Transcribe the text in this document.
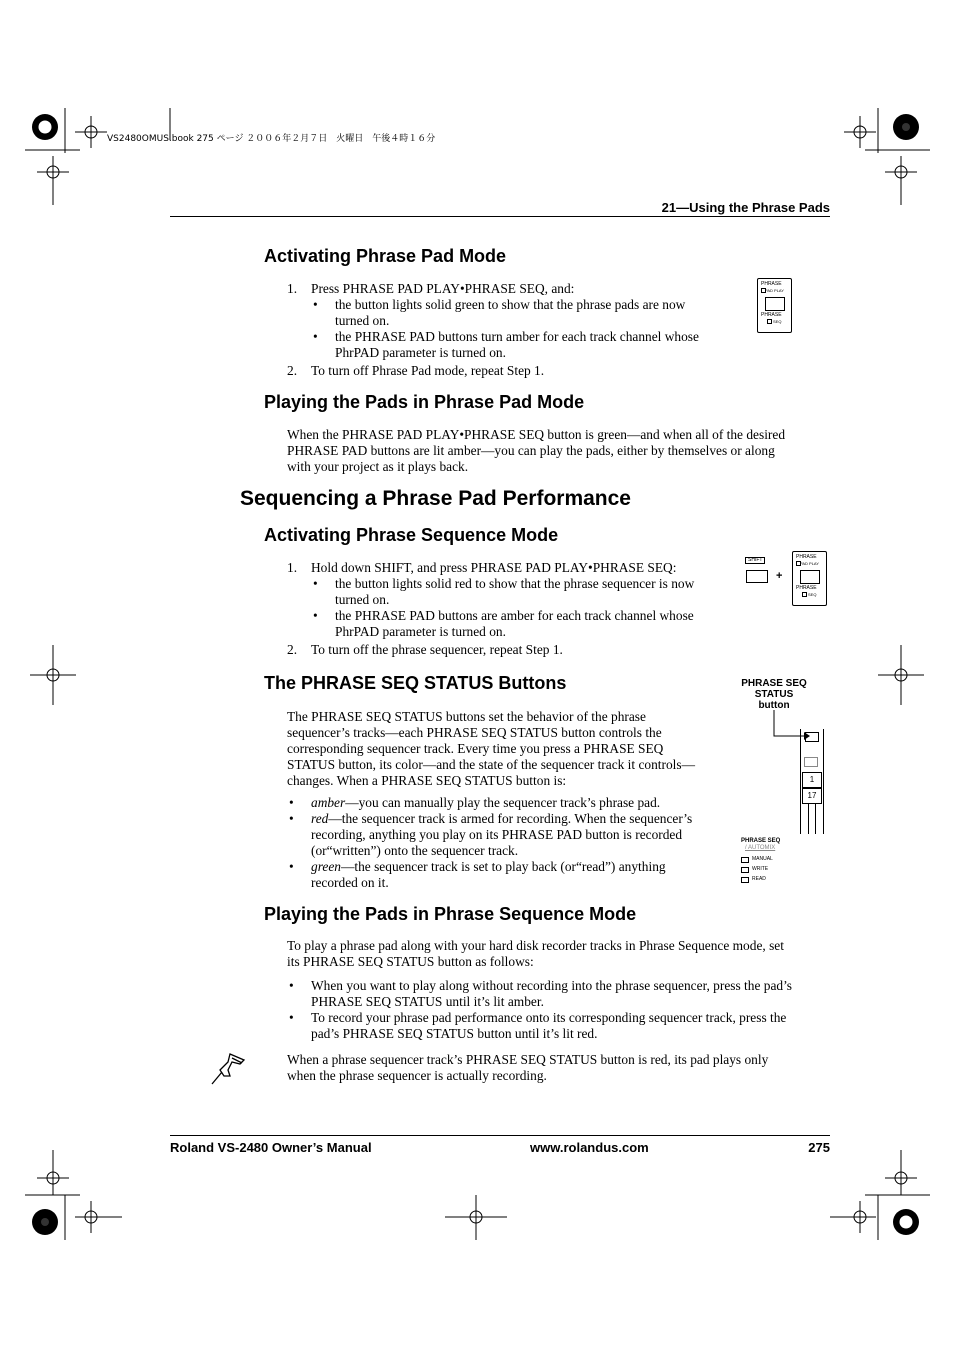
VS2480OMUS.book 275 ページ ２００６年２月７日　火曜日　午後４時１６分
21—Using the Phrase Pads
Activating Phrase Pad Mode
1. Press PHRASE PAD PLAY•PHRASE SEQ, and:
• the button lights solid green to show that the phrase pads are now turned on.
• the PHRASE PAD buttons turn amber for each track channel whose PhrPAD parameter is turned on.
2. To turn off Phrase Pad mode, repeat Step 1.
PHRASE
PAD PLAY
PHRASE
SEQ
Playing the Pads in Phrase Pad Mode

When the PHRASE PAD PLAY•PHRASE SEQ button is green—and when all of the desired PHRASE PAD buttons are lit amber—you can play the pads, either by themselves or along with your project as it plays back.

Sequencing a Phrase Pad Performance
Activating Phrase Sequence Mode
1. Hold down SHIFT, and press PHRASE PAD PLAY•PHRASE SEQ:
• the button lights solid red to show that the phrase sequencer is now turned on.
• the PHRASE PAD buttons are amber for each track channel whose PhrPAD parameter is turned on.
2. To turn off the phrase sequencer, repeat Step 1.
SHIFT
+
PHRASE
PAD PLAY
PHRASE
SEQ
The PHRASE SEQ STATUS Buttons

The PHRASE SEQ STATUS buttons set the behavior of the phrase sequencer’s tracks—each PHRASE SEQ STATUS button controls the corresponding sequencer track. Every time you press a PHRASE SEQ STATUS button, its color—and the state of the sequencer track it controls—changes. When a PHRASE SEQ STATUS button is:

• amber—you can manually play the sequencer track’s phrase pad.
• red—the sequencer track is armed for recording. When the sequencer’s recording, anything you play on its PHRASE PAD button is recorded (or“written”) onto the sequencer track.
• green—the sequencer track is set to play back (or“read”) anything recorded on it.
PHRASE SEQ
STATUS
button
1
17
PHRASE SEQ
/ AUTOMIX
MANUAL
WRITE
READ
Playing the Pads in Phrase Sequence Mode

To play a phrase pad along with your hard disk recorder tracks in Phrase Sequence mode, set its PHRASE SEQ STATUS button as follows:

• When you want to play along without recording into the phrase sequencer, press the pad’s PHRASE SEQ STATUS until it’s lit amber.
• To record your phrase pad performance onto its corresponding sequencer track, press the pad’s PHRASE SEQ STATUS button until it’s lit red.

When a phrase sequencer track’s PHRASE SEQ STATUS button is red, its pad plays only when the phrase sequencer is actually recording.

Roland VS-2480 Owner’s Manual	www.rolandus.com	275
